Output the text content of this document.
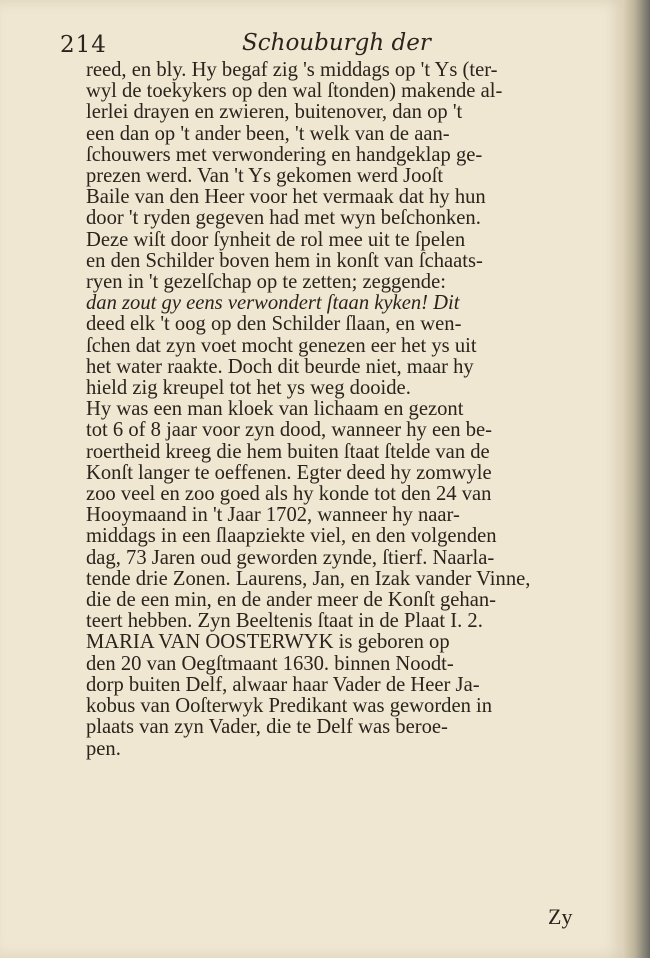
214	Schouburgh der
reed, en bly. Hy begaf zig 's middags op 't Ys (ter-
wyl de toekykers op den wal ſtonden) makende al-
lerlei drayen en zwieren, buitenover, dan op 't
een dan op 't ander been, 't welk van de aan-
ſchouwers met verwondering en handgeklap ge-
prezen werd. Van 't Ys gekomen werd Jooſt
Baile van den Heer voor het vermaak dat hy hun
door 't ryden gegeven had met wyn beſchonken.
Deze wiſt door ſynheit de rol mee uit te ſpelen
en den Schilder boven hem in konſt van ſchaats-
ryen in 't gezelſchap op te zetten; zeggende:
dan zout gy eens verwondert ſtaan kyken! Dit
deed elk 't oog op den Schilder ſlaan, en wen-
ſchen dat zyn voet mocht genezen eer het ys uit
het water raakte. Doch dit beurde niet, maar hy
hield zig kreupel tot het ys weg dooide.
Hy was een man kloek van lichaam en gezont
tot 6 of 8 jaar voor zyn dood, wanneer hy een be-
roertheid kreeg die hem buiten ſtaat ſtelde van de
Konſt langer te oeffenen. Egter deed hy zomwyle
zoo veel en zoo goed als hy konde tot den 24 van
Hooymaand in 't Jaar 1702, wanneer hy naar-
middags in een ſlaapziekte viel, en den volgenden
dag, 73 Jaren oud geworden zynde, ſtierf. Naarla-
tende drie Zonen. Laurens, Jan, en Izak vander Vinne,
die de een min, en de ander meer de Konſt gehan-
teert hebben. Zyn Beeltenis ſtaat in de Plaat I. 2.
MARIA VAN OOSTERWYK is geboren op
den 20 van Oegſtmaant 1630. binnen Noodt-
dorp buiten Delf, alwaar haar Vader de Heer Ja-
kobus van Ooſterwyk Predikant was geworden in
plaats van zyn Vader, die te Delf was beroe-
pen.
Zy
